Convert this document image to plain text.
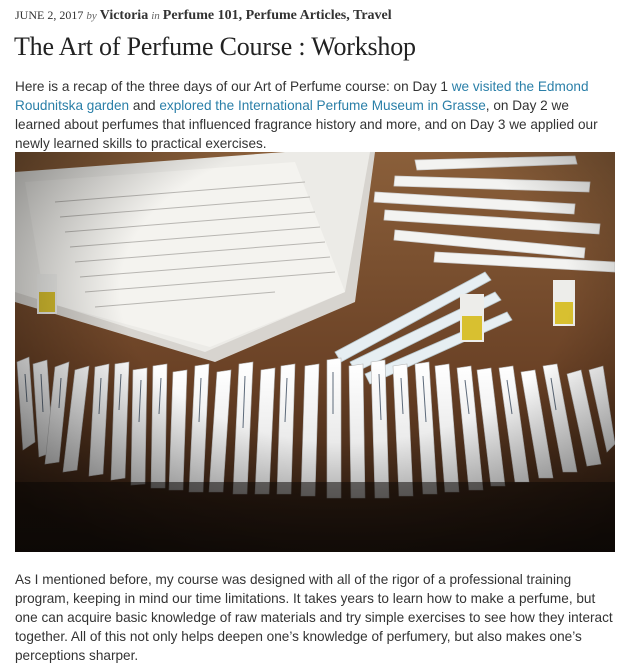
JUNE 2, 2017 by Victoria in Perfume 101, Perfume Articles, Travel
The Art of Perfume Course : Workshop

Here is a recap of the three days of our Art of Perfume course: on Day 1 we visited the Edmond Roudnitska garden and explored the International Perfume Museum in Grasse, on Day 2 we learned about perfumes that influenced fragrance history and more, and on Day 3 we applied our newly learned skills to practical exercises.

As I mentioned before, my course was designed with all of the rigor of a professional training program, keeping in mind our time limitations. It takes years to learn how to make a perfume, but one can acquire basic knowledge of raw materials and try simple exercises to see how they interact together. All of this not only helps deepen one’s knowledge of perfumery, but also makes one’s perceptions sharper.
